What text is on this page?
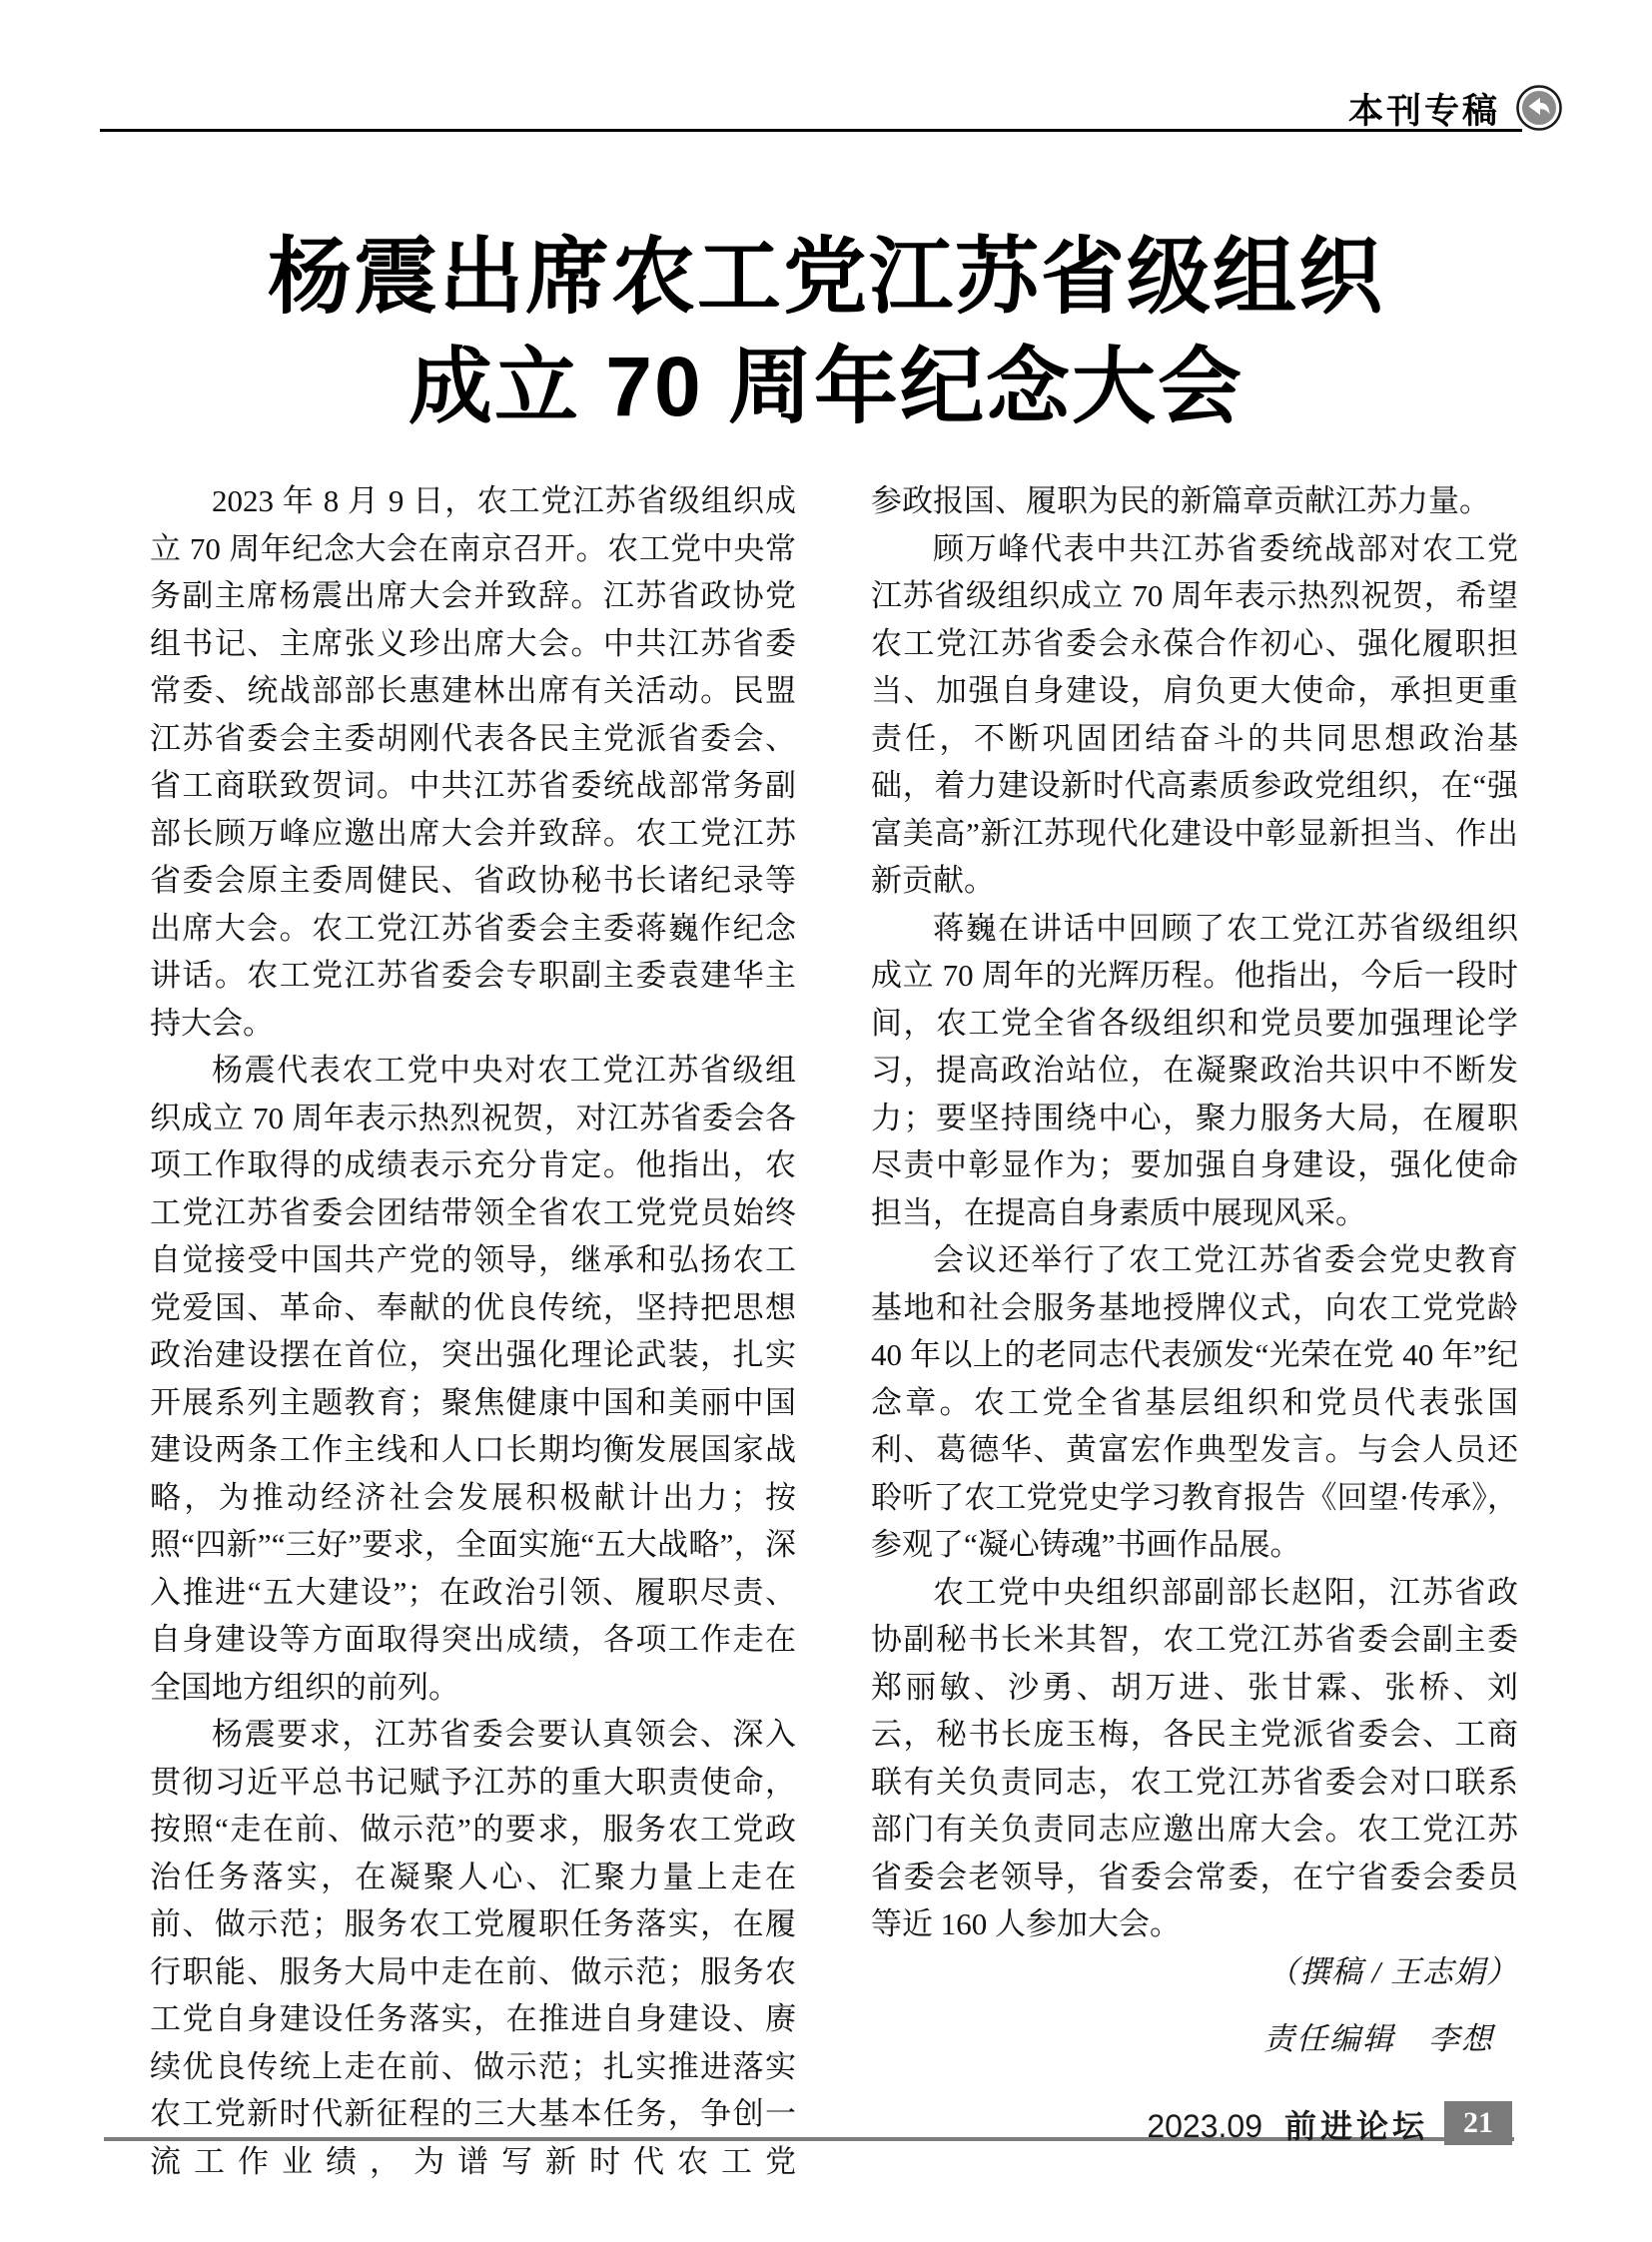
本刊专稿
杨震出席农工党江苏省级组织
成立 70 周年纪念大会

2023 年 8 月 9 日，农工党江苏省级组织成立 70 周年纪念大会在南京召开。农工党中央常务副主席杨震出席大会并致辞。江苏省政协党组书记、主席张义珍出席大会。中共江苏省委常委、统战部部长惠建林出席有关活动。民盟江苏省委会主委胡刚代表各民主党派省委会、省工商联致贺词。中共江苏省委统战部常务副部长顾万峰应邀出席大会并致辞。农工党江苏省委会原主委周健民、省政协秘书长诸纪录等出席大会。农工党江苏省委会主委蒋巍作纪念讲话。农工党江苏省委会专职副主委袁建华主持大会。

杨震代表农工党中央对农工党江苏省级组织成立 70 周年表示热烈祝贺，对江苏省委会各项工作取得的成绩表示充分肯定。他指出，农工党江苏省委会团结带领全省农工党党员始终自觉接受中国共产党的领导，继承和弘扬农工党爱国、革命、奉献的优良传统，坚持把思想政治建设摆在首位，突出强化理论武装，扎实开展系列主题教育；聚焦健康中国和美丽中国建设两条工作主线和人口长期均衡发展国家战略，为推动经济社会发展积极献计出力；按照“四新”“三好”要求，全面实施“五大战略”，深入推进“五大建设”；在政治引领、履职尽责、自身建设等方面取得突出成绩，各项工作走在全国地方组织的前列。

杨震要求，江苏省委会要认真领会、深入贯彻习近平总书记赋予江苏的重大职责使命，按照“走在前、做示范”的要求，服务农工党政治任务落实，在凝聚人心、汇聚力量上走在前、做示范；服务农工党履职任务落实，在履行职能、服务大局中走在前、做示范；服务农工党自身建设任务落实，在推进自身建设、赓续优良传统上走在前、做示范；扎实推进落实农工党新时代新征程的三大基本任务，争创一流工作业绩，为谱写新时代农工党

参政报国、履职为民的新篇章贡献江苏力量。

顾万峰代表中共江苏省委统战部对农工党江苏省级组织成立 70 周年表示热烈祝贺，希望农工党江苏省委会永葆合作初心、强化履职担当、加强自身建设，肩负更大使命，承担更重责任，不断巩固团结奋斗的共同思想政治基础，着力建设新时代高素质参政党组织，在“强富美高”新江苏现代化建设中彰显新担当、作出新贡献。

蒋巍在讲话中回顾了农工党江苏省级组织成立 70 周年的光辉历程。他指出，今后一段时间，农工党全省各级组织和党员要加强理论学习，提高政治站位，在凝聚政治共识中不断发力；要坚持围绕中心，聚力服务大局，在履职尽责中彰显作为；要加强自身建设，强化使命担当，在提高自身素质中展现风采。

会议还举行了农工党江苏省委会党史教育基地和社会服务基地授牌仪式，向农工党党龄 40 年以上的老同志代表颁发“光荣在党 40 年”纪念章。农工党全省基层组织和党员代表张国利、葛德华、黄富宏作典型发言。与会人员还聆听了农工党党史学习教育报告《回望·传承》，参观了“凝心铸魂”书画作品展。

农工党中央组织部副部长赵阳，江苏省政协副秘书长米其智，农工党江苏省委会副主委郑丽敏、沙勇、胡万进、张甘霖、张桥、刘云，秘书长庞玉梅，各民主党派省委会、工商联有关负责同志，农工党江苏省委会对口联系部门有关负责同志应邀出席大会。农工党江苏省委会老领导，省委会常委，在宁省委会委员等近 160 人参加大会。

（撰稿 / 王志娟）

责任编辑　李想
2023.09 前进论坛	21
